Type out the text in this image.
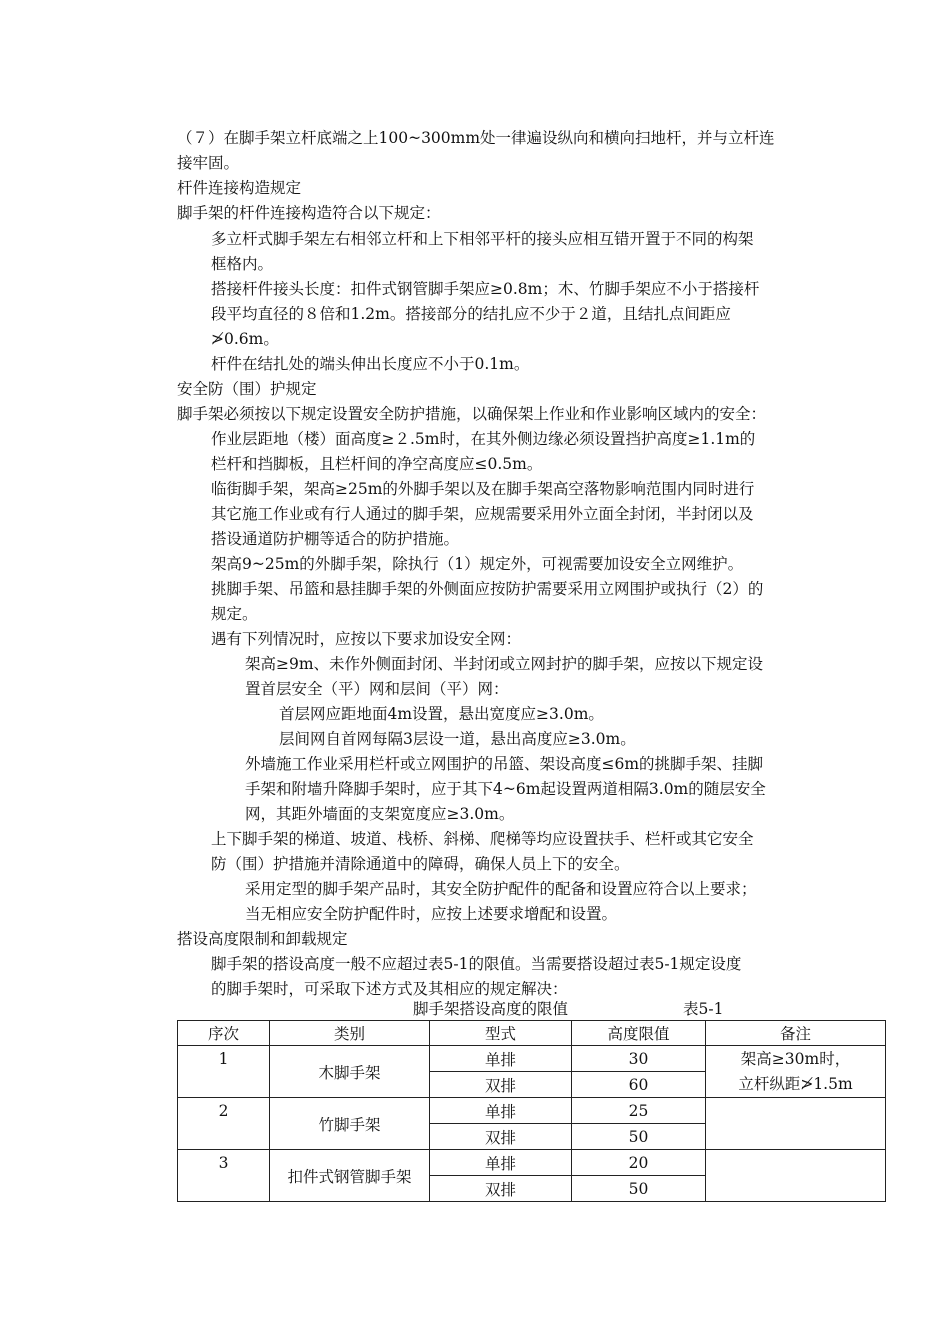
（７）在脚手架立杆底端之上100~300mm处一律遍设纵向和横向扫地杆，并与立杆连
接牢固。
杆件连接构造规定
脚手架的杆件连接构造符合以下规定：
多立杆式脚手架左右相邻立杆和上下相邻平杆的接头应相互错开置于不同的构架
框格内。
搭接杆件接头长度：扣件式钢管脚手架应≥0.8m；木、竹脚手架应不小于搭接杆
段平均直径的８倍和1.2m。搭接部分的结扎应不少于２道，且结扎点间距应
≯0.6m。
杆件在结扎处的端头伸出长度应不小于0.1m。
安全防（围）护规定
脚手架必须按以下规定设置安全防护措施，以确保架上作业和作业影响区域内的安全：
作业层距地（楼）面高度≥２.5m时，在其外侧边缘必须设置挡护高度≥1.1m的
栏杆和挡脚板，且栏杆间的净空高度应≤0.5m。
临街脚手架，架高≥25m的外脚手架以及在脚手架高空落物影响范围内同时进行
其它施工作业或有行人通过的脚手架，应规需要采用外立面全封闭，半封闭以及
搭设通道防护棚等适合的防护措施。
架高9~25m的外脚手架，除执行（1）规定外，可视需要加设安全立网维护。
挑脚手架、吊篮和悬挂脚手架的外侧面应按防护需要采用立网围护或执行（2）的
规定。
遇有下列情况时，应按以下要求加设安全网：
架高≥9m、未作外侧面封闭、半封闭或立网封护的脚手架，应按以下规定设
置首层安全（平）网和层间（平）网：
首层网应距地面4m设置，悬出宽度应≥3.0m。
层间网自首网每隔3层设一道，悬出高度应≥3.0m。
外墙施工作业采用栏杆或立网围护的吊篮、架设高度≤6m的挑脚手架、挂脚
手架和附墙升降脚手架时，应于其下4~6m起设置两道相隔3.0m的随层安全
网，其距外墙面的支架宽度应≥3.0m。
上下脚手架的梯道、坡道、栈桥、斜梯、爬梯等均应设置扶手、栏杆或其它安全
防（围）护措施并清除通道中的障碍，确保人员上下的安全。
采用定型的脚手架产品时，其安全防护配件的配备和设置应符合以上要求；
当无相应安全防护配件时，应按上述要求增配和设置。
搭设高度限制和卸载规定
脚手架的搭设高度一般不应超过表5-1的限值。当需要搭设超过表5-1规定设度
的脚手架时，可采取下述方式及其相应的规定解决：
脚手架搭设高度的限值	表5-1
序次	类别	型式	高度限值	备注
1	木脚手架	单排	30	架高≥30m时，
立杆纵距≯1.5m

		双排	60	
2	竹脚手架	单排	25	
		双排	50	
3	扣件式钢管脚手架	单排	20	
		双排	50	
